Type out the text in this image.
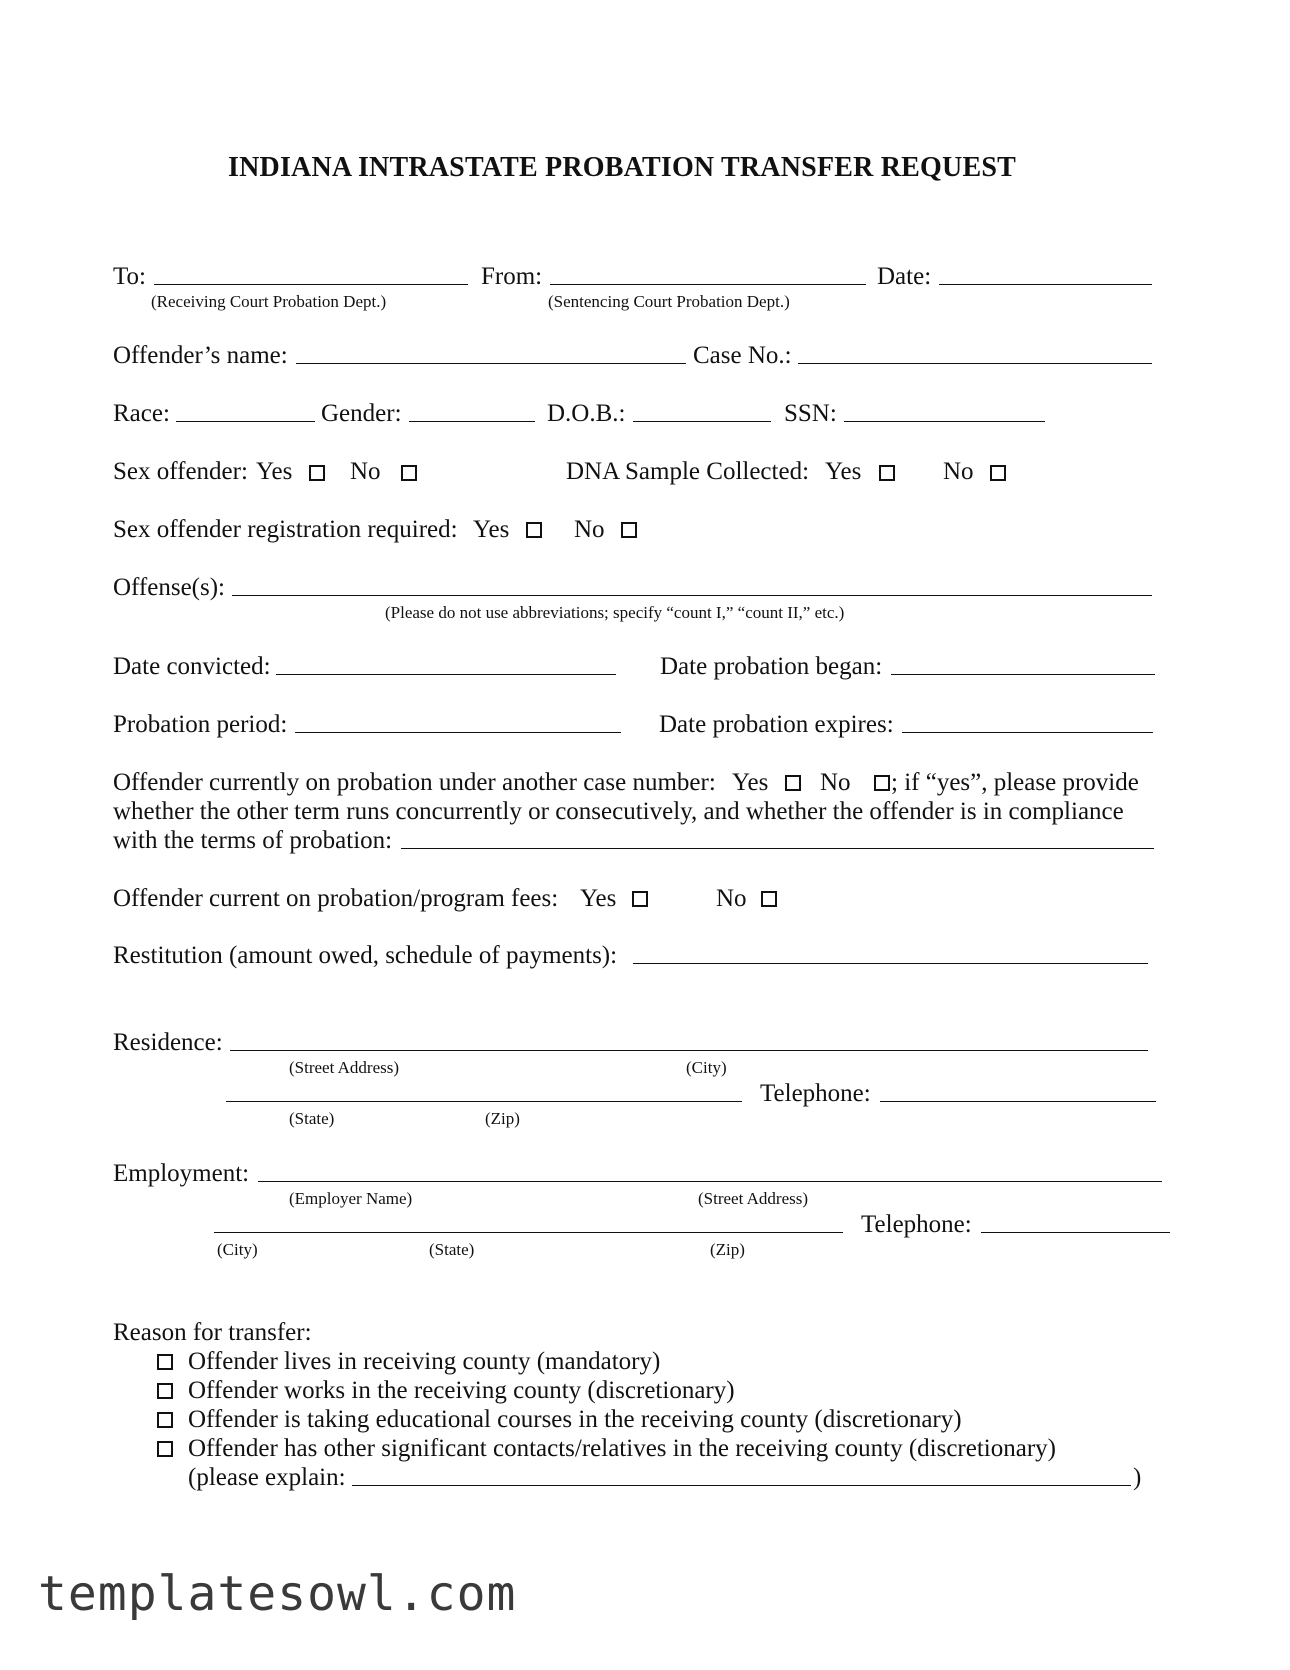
INDIANA INTRASTATE PROBATION TRANSFER REQUEST
To:	From:	Date:
(Receiving Court Probation Dept.)	(Sentencing Court Probation Dept.)
Offender’s name:	Case No.:
Race:	Gender:	D.O.B.:	SSN:
Sex offender: Yes No	DNA Sample Collected: Yes	No
Sex offender registration required: Yes	No
Offense(s):
(Please do not use abbreviations; specify “count I,” “count II,” etc.)
Date convicted:	Date probation began:
Probation period:	Date probation expires:
Offender currently on probation under another case number: Yes No ; if “yes”, please provide
whether the other term runs concurrently or consecutively, and whether the offender is in compliance
with the terms of probation:
Offender current on probation/program fees: Yes	No
Restitution (amount owed, schedule of payments):
Residence:
(Street Address)	(City)
Telephone:
(State)	(Zip)
Employment:
(Employer Name)	(Street Address)
Telephone:
(City)	(State)	(Zip)
Reason for transfer:
Offender lives in receiving county (mandatory)
Offender works in the receiving county (discretionary)
Offender is taking educational courses in the receiving county (discretionary)
Offender has other significant contacts/relatives in the receiving county (discretionary)
(please explain:	)
templatesowl.com
